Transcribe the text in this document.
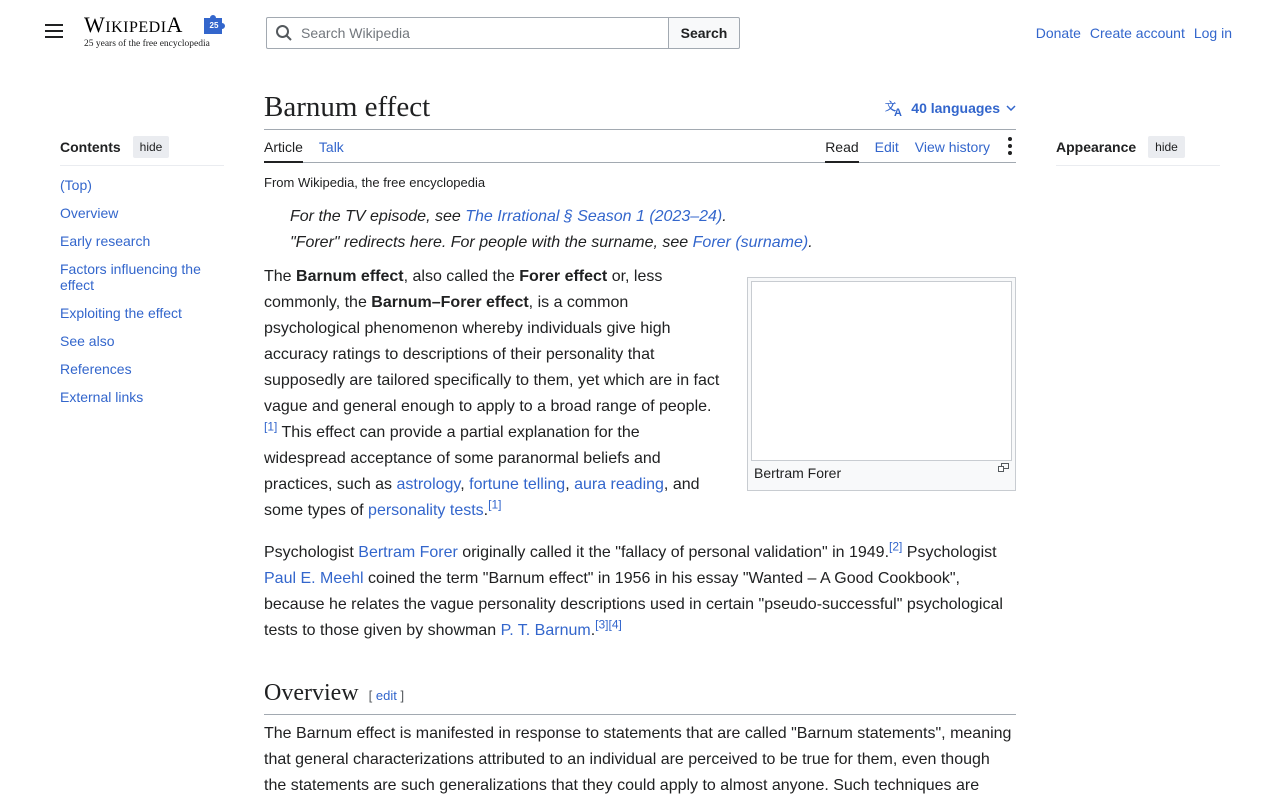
WIKIPEDIA	25
25 years of the free encyclopedia
Search Wikipedia
Search	Donate Create account Log in
Contents	hide
(Top)
Overview
Early research
Factors influencing the effect
Exploiting the effect
See also
References
External links
Appearance	hide
Barnum effect	文
A 40 languages
Article Talk	Read Edit View history
From Wikipedia, the free encyclopedia
For the TV episode, see The Irrational § Season 1 (2023–24).
"Forer" redirects here. For people with the surname, see Forer (surname).
Bertram Forer

The Barnum effect, also called the Forer effect or, less commonly, the Barnum–Forer effect, is a common psychological phenomenon whereby individuals give high accuracy ratings to descriptions of their personality that supposedly are tailored specifically to them, yet which are in fact vague and general enough to apply to a broad range of people.[1] This effect can provide a partial explanation for the widespread acceptance of some paranormal beliefs and practices, such as astrology, fortune telling, aura reading, and some types of personality tests.[1]

Psychologist Bertram Forer originally called it the "fallacy of personal validation" in 1949.[2] Psychologist Paul E. Meehl coined the term "Barnum effect" in 1956 in his essay "Wanted – A Good Cookbook", because he relates the vague personality descriptions used in certain "pseudo-successful" psychological tests to those given by showman P. T. Barnum.[3][4]

Overview [ edit ]

The Barnum effect is manifested in response to statements that are called "Barnum statements", meaning that general characterizations attributed to an individual are perceived to be true for them, even though the statements are such generalizations that they could apply to almost anyone. Such techniques are
